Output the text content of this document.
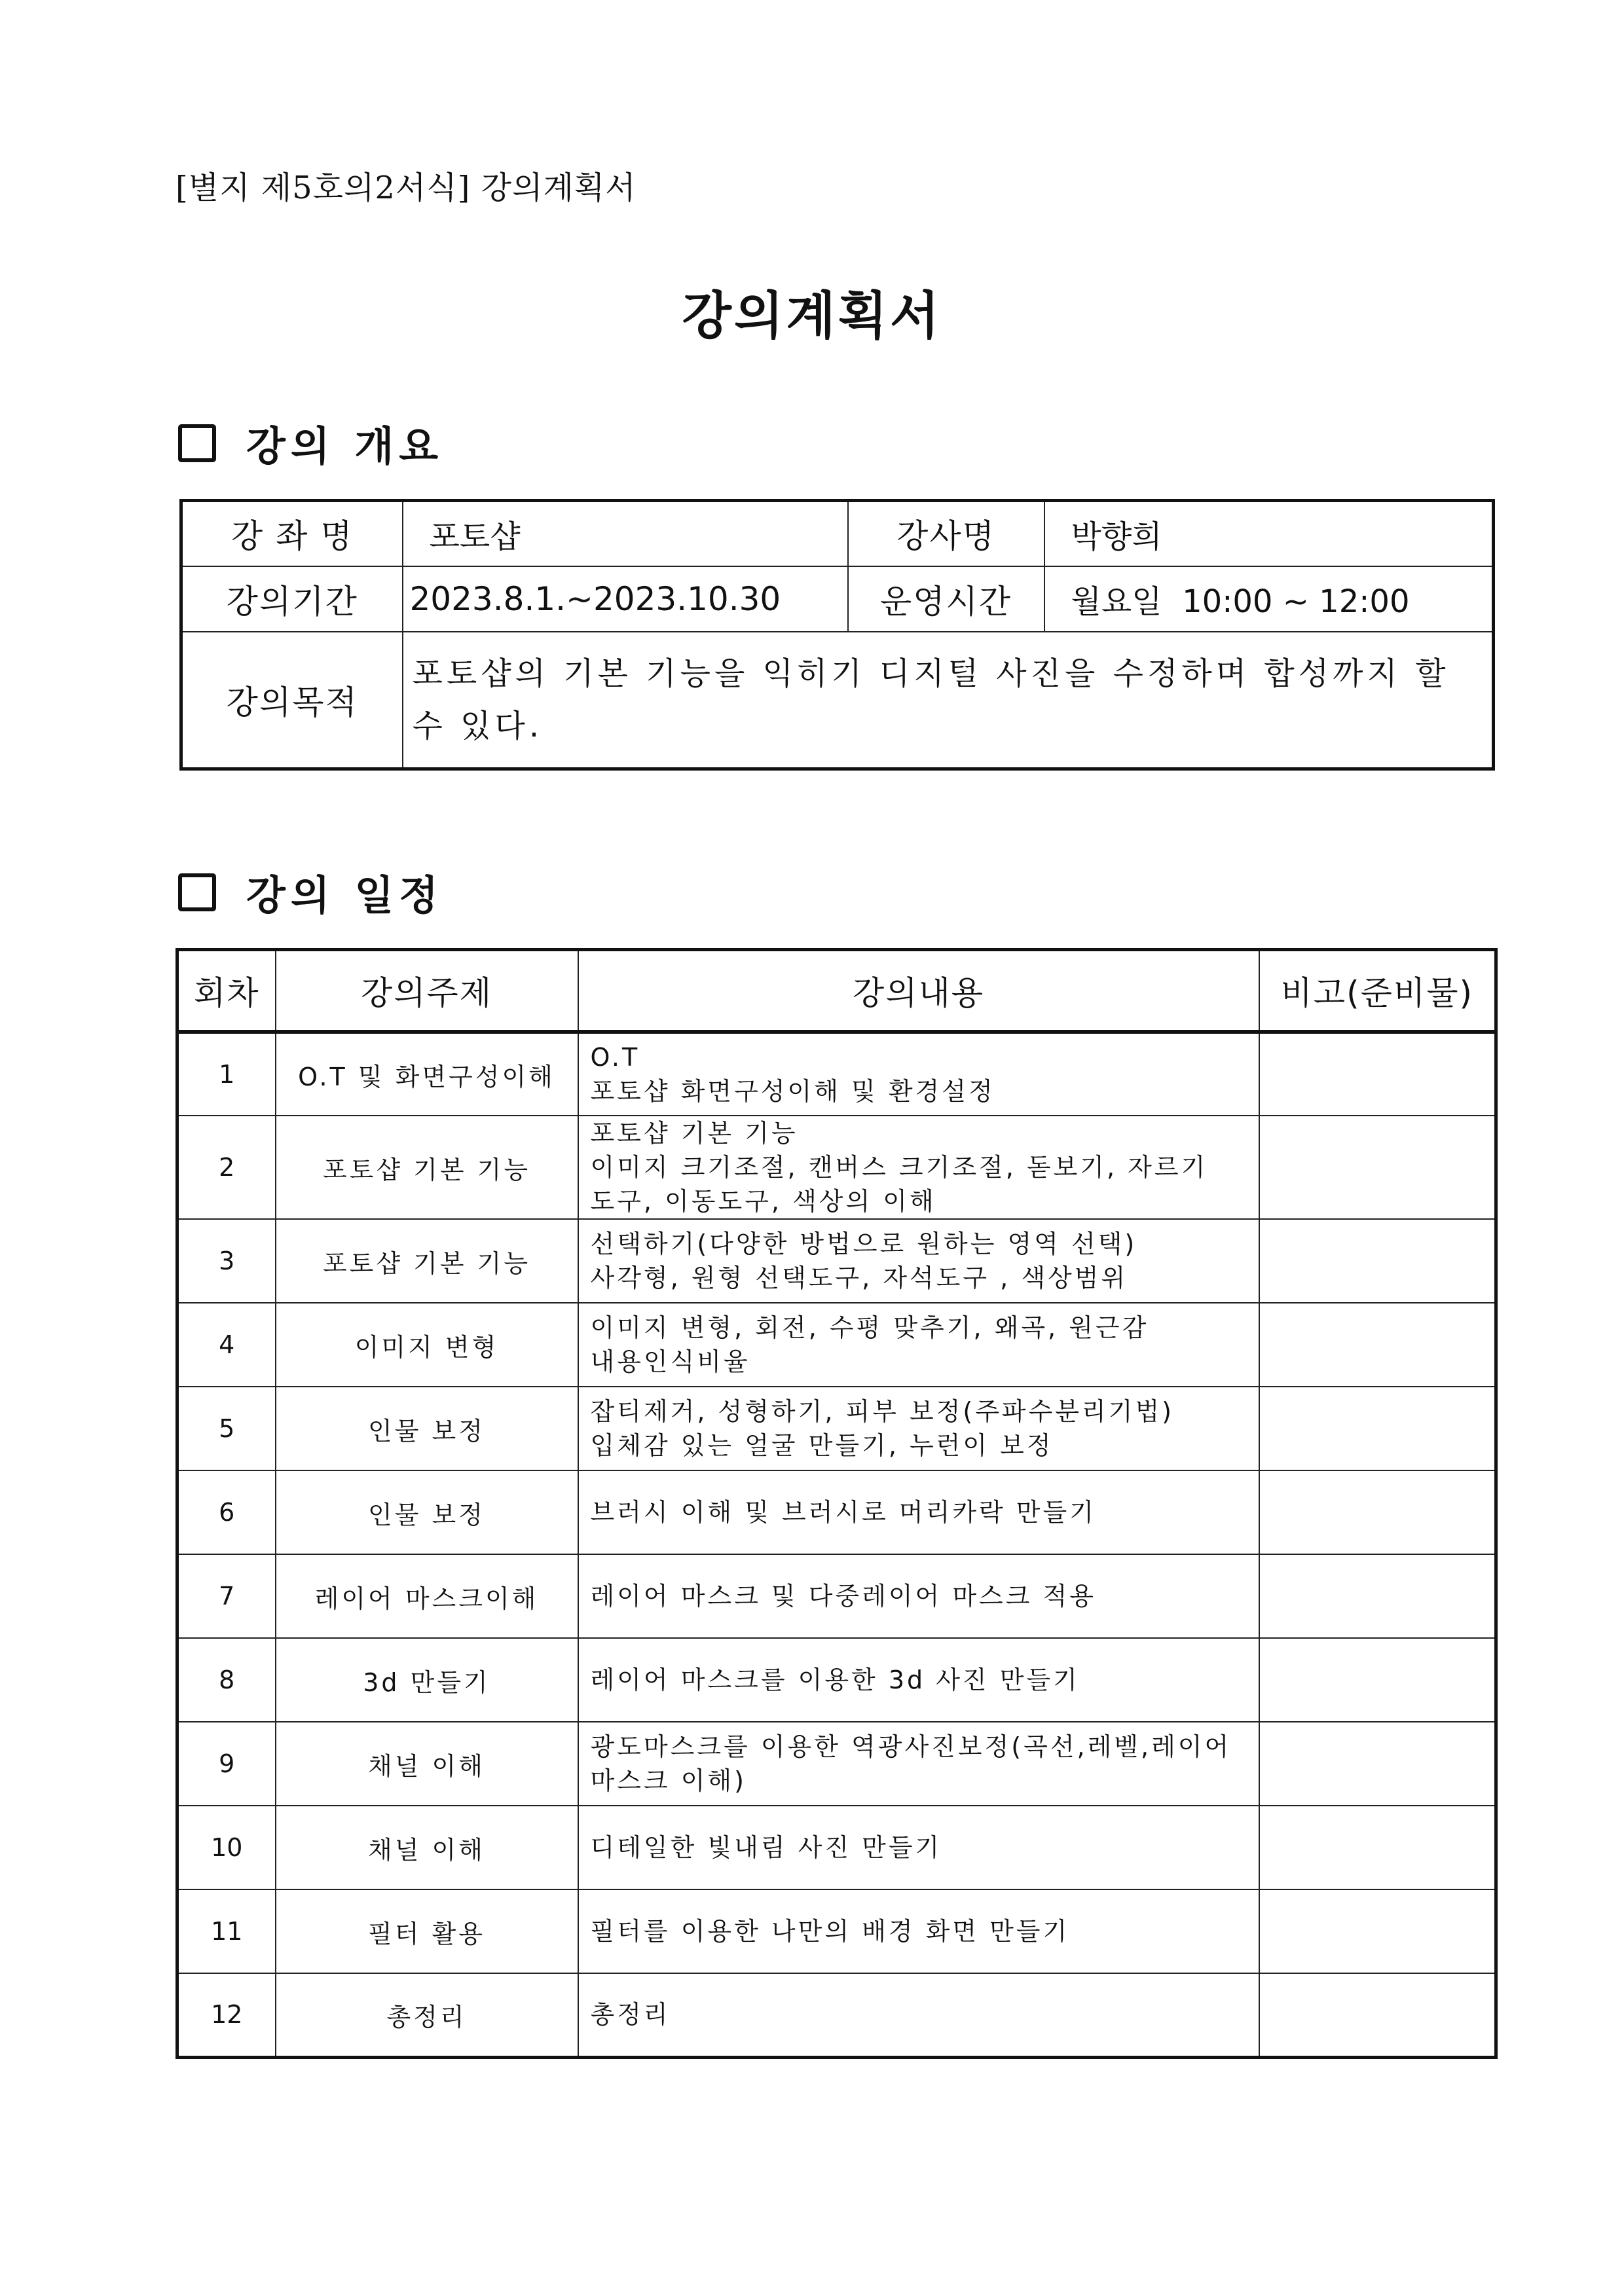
[별지 제5호의2서식] 강의계획서
강의계획서
강의 개요
강 좌 명	포토샵	강사명	박향희
강의기간	2023.8.1.~2023.10.30	운영시간	월요일  10:00 ~ 12:00
강의목적	포토샵의 기본 기능을 익히기 디지털 사진을 수정하며 합성까지 할 수 있다.		
강의 일정
회차	강의주제	강의내용	비고(준비물)
1	O.T 및 화면구성이해	O.T
포토샵 화면구성이해 및 환경설정	

2	포토샵 기본 기능	포토샵 기본 기능
이미지 크기조절, 캔버스 크기조절, 돋보기, 자르기
도구, 이동도구, 색상의 이해	

3	포토샵 기본 기능	선택하기(다양한 방법으로 원하는 영역 선택)
사각형, 원형 선택도구, 자석도구 , 색상범위	

4	이미지 변형	이미지 변형, 회전, 수평 맞추기, 왜곡, 원근감
내용인식비율	

5	인물 보정	잡티제거, 성형하기, 피부 보정(주파수분리기법)
입체감 있는 얼굴 만들기, 누런이 보정	

6	인물 보정	브러시 이해 및 브러시로 머리카락 만들기	

7	레이어 마스크이해	레이어 마스크 및 다중레이어 마스크 적용	

8	3d 만들기	레이어 마스크를 이용한 3d 사진 만들기	

9	채널 이해	광도마스크를 이용한 역광사진보정(곡선,레벨,레이어
마스크 이해)	

10	채널 이해	디테일한 빛내림 사진 만들기	

11	필터 활용	필터를 이용한 나만의 배경 화면 만들기	

12	총정리	총정리	
